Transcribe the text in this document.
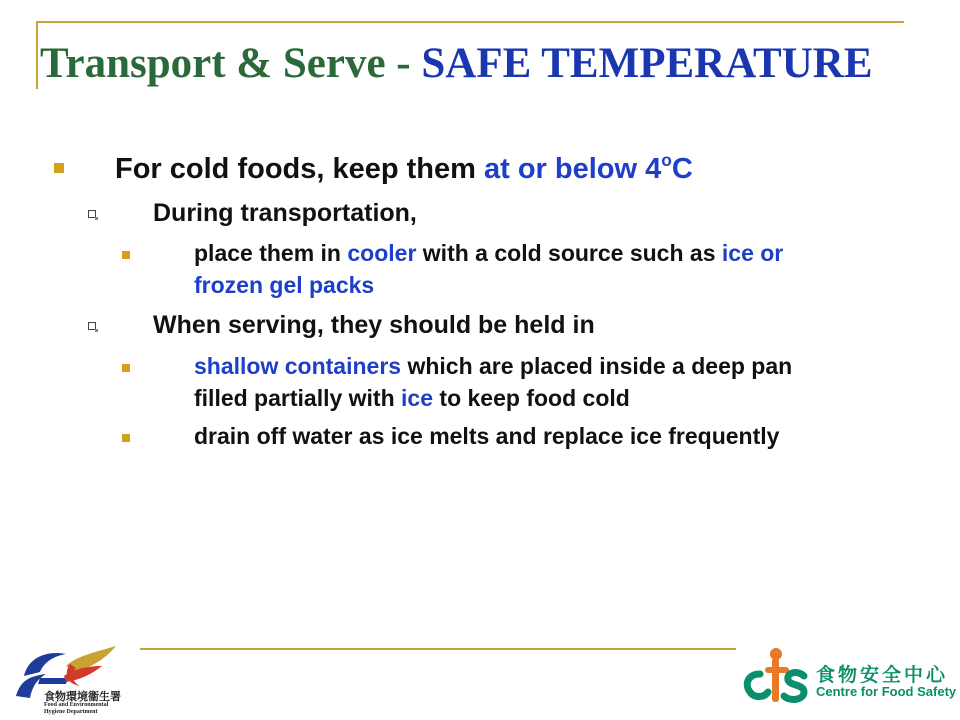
Transport & Serve - SAFE TEMPERATURE
For cold foods, keep them at or below 4$^o$C
During transportation,
place them in cooler with a cold source such as ice or
frozen gel packs
When serving, they should be held in
shallow containers which are placed inside a deep pan
filled partially with ice to keep food cold
drain off water as ice melts and replace ice frequently
食物環境衞生署
Food and Environmental
Hygiene Department
食物安全中心
Centre for Food Safety
